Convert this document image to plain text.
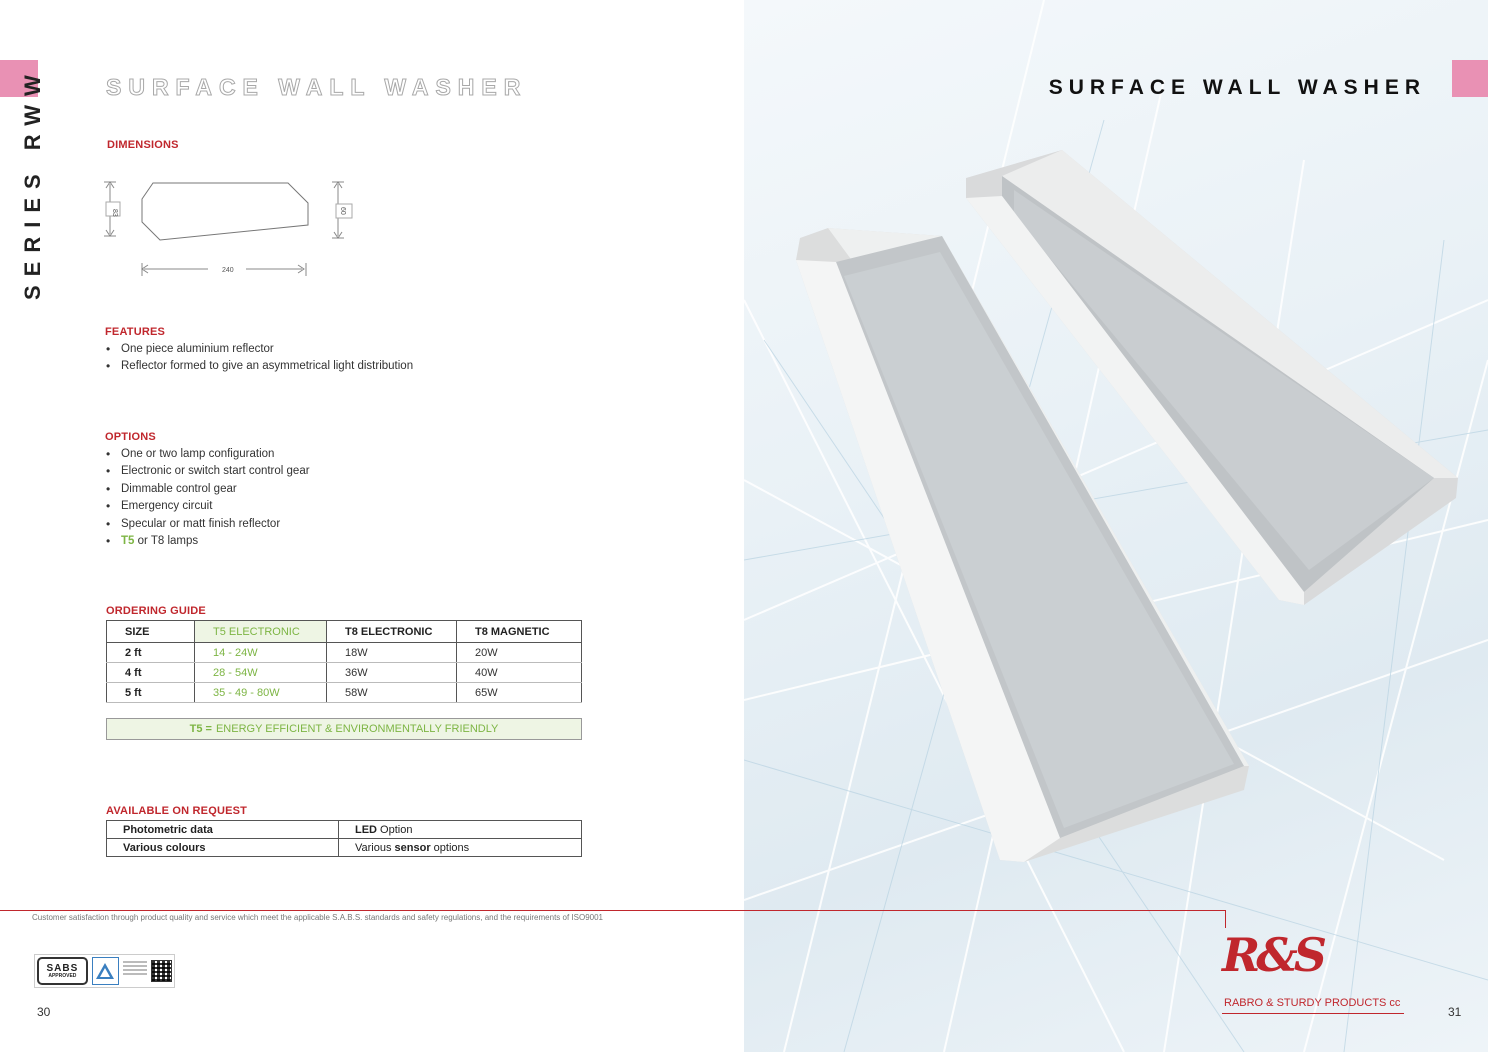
SERIES RWW	SURFACE WALL WASHER
DIMENSIONS
83	60
240
FEATURES
• One piece aluminium reflector
• Reflector formed to give an asymmetrical light distribution
OPTIONS
• One or two lamp configuration
• Electronic or switch start control gear
• Dimmable control gear
• Emergency circuit
• Specular or matt finish reflector
• T5
or T8 lamps
ORDERING GUIDE
SIZE	T5 ELECTRONIC	T8 ELECTRONIC	T8 MAGNETIC
2 ft	14 - 24W	18W	20W
4 ft	28 - 54W	36W	40W
5 ft	35 - 49 - 80W	58W	65W
T5 = ENERGY EFFICIENT & ENVIRONMENTALLY FRIENDLY
AVAILABLE ON REQUEST
Photometric data	LED Option
Various colours	Various sensor options
Customer satisfaction through product quality and service which meet the applicable S.A.B.S. standards and safety regulations, and the requirements of ISO9001
SABS
APPROVED
30
SURFACE WALL WASHER
R&S
RABRO & STURDY PRODUCTS cc
31
